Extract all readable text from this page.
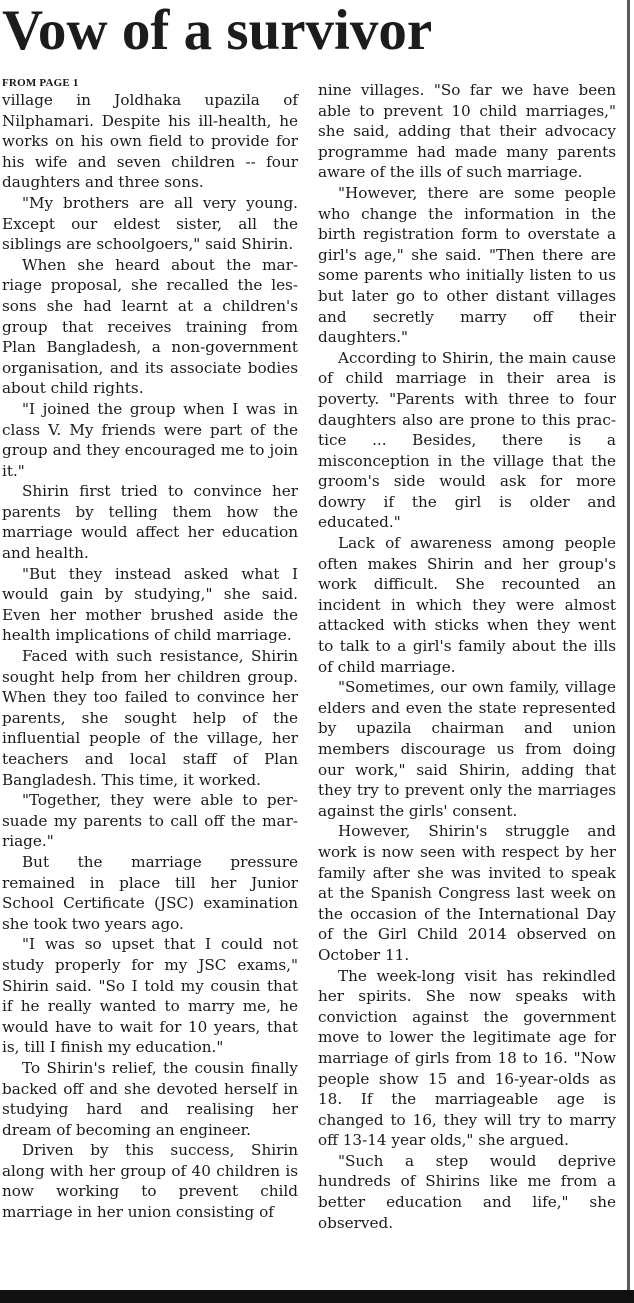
Vow of a survivor
FROM PAGE 1

village in Joldhaka upazila of Nilphamari. Despite his ill-health, he works on his own field to provide for his wife and seven children -- four daughters and three sons.

"My brothers are all very young. Except our eldest sister, all the siblings are schoolgoers," said Shirin.

When she heard about the marriage proposal, she recalled the lessons she had learnt at a children's group that receives training from Plan Bangladesh, a non-government organisation, and its associate bodies about child rights.

"I joined the group when I was in class V. My friends were part of the group and they encouraged me to join it."

Shirin first tried to convince her parents by telling them how the marriage would affect her education and health.

"But they instead asked what I would gain by studying," she said. Even her mother brushed aside the health implications of child marriage.

Faced with such resistance, Shirin sought help from her children group. When they too failed to convince her parents, she sought help of the influential people of the village, her teachers and local staff of Plan Bangladesh. This time, it worked.

"Together, they were able to persuade my parents to call off the marriage."

But the marriage pressure remained in place till her Junior School Certificate (JSC) examination she took two years ago.

"I was so upset that I could not study properly for my JSC exams," Shirin said. "So I told my cousin that if he really wanted to marry me, he would have to wait for 10 years, that is, till I finish my education."

To Shirin's relief, the cousin finally backed off and she devoted herself in studying hard and realising her dream of becoming an engineer.

Driven by this success, Shirin along with her group of 40 children is now working to prevent child marriage in her union consisting of

nine villages. "So far we have been able to prevent 10 child marriages," she said, adding that their advocacy programme had made many parents aware of the ills of such marriage.

"However, there are some people who change the information in the birth registration form to overstate a girl's age," she said. "Then there are some parents who initially listen to us but later go to other distant villages and secretly marry off their daughters."

According to Shirin, the main cause of child marriage in their area is poverty. "Parents with three to four daughters also are prone to this practice ... Besides, there is a misconception in the village that the groom's side would ask for more dowry if the girl is older and educated."

Lack of awareness among people often makes Shirin and her group's work difficult. She recounted an incident in which they were almost attacked with sticks when they went to talk to a girl's family about the ills of child marriage.

"Sometimes, our own family, village elders and even the state represented by upazila chairman and union members discourage us from doing our work," said Shirin, adding that they try to prevent only the marriages against the girls' consent.

However, Shirin's struggle and work is now seen with respect by her family after she was invited to speak at the Spanish Congress last week on the occasion of the International Day of the Girl Child 2014 observed on October 11.

The week-long visit has rekindled her spirits. She now speaks with conviction against the government move to lower the legitimate age for marriage of girls from 18 to 16. "Now people show 15 and 16-year-olds as 18. If the marriageable age is changed to 16, they will try to marry off 13-14 year olds," she argued.

"Such a step would deprive hundreds of Shirins like me from a better education and life," she observed.
